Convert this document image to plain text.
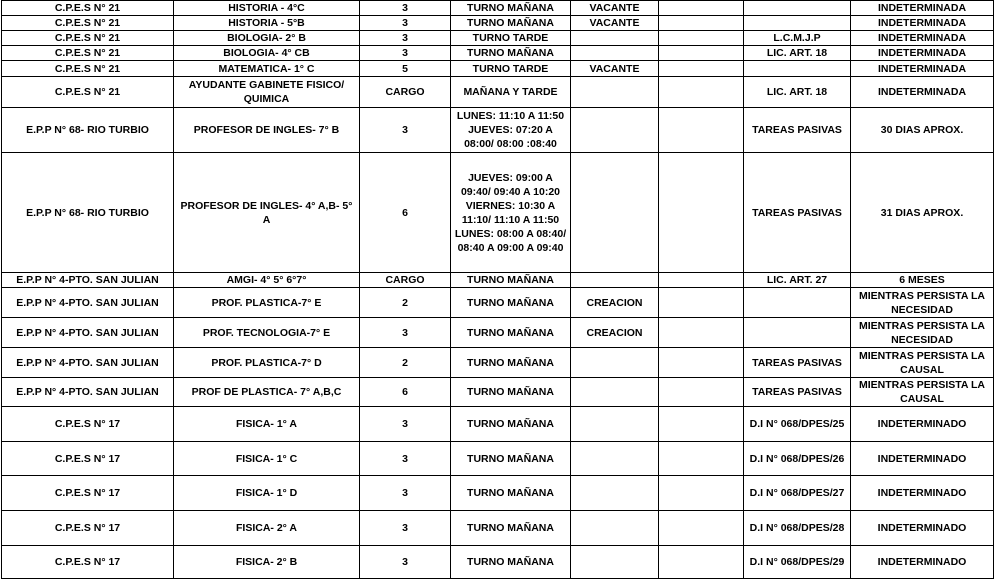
C.P.E.S N° 21	HISTORIA - 4°C	3	TURNO MAÑANA	VACANTE			INDETERMINADA
C.P.E.S N° 21	HISTORIA - 5°B	3	TURNO MAÑANA	VACANTE			INDETERMINADA
C.P.E.S N° 21	BIOLOGIA- 2° B	3	TURNO TARDE			L.C.M.J.P	INDETERMINADA
C.P.E.S N° 21	BIOLOGIA- 4° CB	3	TURNO MAÑANA			LIC. ART. 18	INDETERMINADA
C.P.E.S N° 21	MATEMATICA- 1° C	5	TURNO TARDE	VACANTE			INDETERMINADA
C.P.E.S N° 21	AYUDANTE GABINETE FISICO/ QUIMICA	CARGO	MAÑANA Y TARDE			LIC. ART. 18	INDETERMINADA
E.P.P N° 68- RIO TURBIO	PROFESOR DE INGLES- 7° B	3	LUNES: 11:10 A 11:50 JUEVES: 07:20 A 08:00/ 08:00 :08:40			TAREAS PASIVAS	30 DIAS APROX.
E.P.P N° 68- RIO TURBIO	PROFESOR DE INGLES- 4° A,B- 5° A	6	JUEVES: 09:00 A 09:40/ 09:40 A 10:20 VIERNES: 10:30 A 11:10/ 11:10 A 11:50 LUNES: 08:00 A 08:40/ 08:40 A 09:00 A 09:40			TAREAS PASIVAS	31 DIAS APROX.
E.P.P N° 4-PTO. SAN JULIAN	AMGI- 4° 5° 6°7°	CARGO	TURNO MAÑANA			LIC. ART. 27	6 MESES
E.P.P N° 4-PTO. SAN JULIAN	PROF. PLASTICA-7° E	2	TURNO MAÑANA	CREACION			MIENTRAS PERSISTA LA NECESIDAD
E.P.P N° 4-PTO. SAN JULIAN	PROF. TECNOLOGIA-7° E	3	TURNO MAÑANA	CREACION			MIENTRAS PERSISTA LA NECESIDAD
E.P.P N° 4-PTO. SAN JULIAN	PROF. PLASTICA-7° D	2	TURNO MAÑANA			TAREAS PASIVAS	MIENTRAS PERSISTA LA CAUSAL
E.P.P N° 4-PTO. SAN JULIAN	PROF DE PLASTICA- 7° A,B,C	6	TURNO MAÑANA			TAREAS PASIVAS	MIENTRAS PERSISTA LA CAUSAL
C.P.E.S N° 17	FISICA- 1° A	3	TURNO MAÑANA			D.I N° 068/DPES/25	INDETERMINADO
C.P.E.S N° 17	FISICA- 1° C	3	TURNO MAÑANA			D.I N° 068/DPES/26	INDETERMINADO
C.P.E.S N° 17	FISICA- 1° D	3	TURNO MAÑANA			D.I N° 068/DPES/27	INDETERMINADO
C.P.E.S N° 17	FISICA- 2° A	3	TURNO MAÑANA			D.I N° 068/DPES/28	INDETERMINADO
C.P.E.S N° 17	FISICA- 2° B	3	TURNO MAÑANA			D.I N° 068/DPES/29	INDETERMINADO
